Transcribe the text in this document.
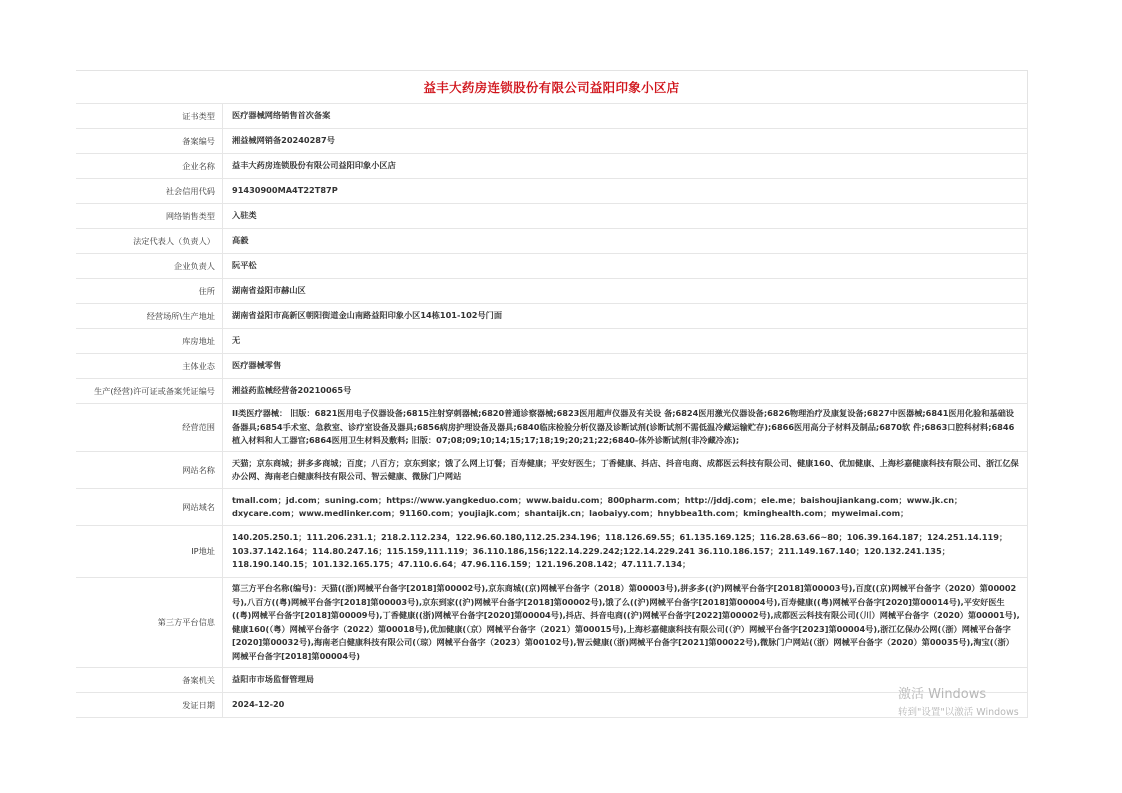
益丰大药房连锁股份有限公司益阳印象小区店
证书类型	医疗器械网络销售首次备案
备案编号	湘益械网销备20240287号
企业名称	益丰大药房连锁股份有限公司益阳印象小区店
社会信用代码	91430900MA4T22T87P
网络销售类型	入驻类
法定代表人（负责人）	高毅
企业负责人	阮平松
住所	湖南省益阳市赫山区
经营场所\生产地址	湖南省益阳市高新区朝阳街道金山南路益阳印象小区14栋101-102号门面
库房地址	无
主体业态	医疗器械零售
生产(经营)许可证或备案凭证编号	湘益药监械经营备20210065号
经营范围	II类医疗器械： 旧版：6821医用电子仪器设备;6815注射穿刺器械;6820普通诊察器械;6823医用超声仪器及有关设 备;6824医用激光仪器设备;6826物理治疗及康复设备;6827中医器械;6841医用化验和基础设备器具;6854手术室、急救室、诊疗室设备及器具;6856病房护理设备及器具;6840临床检验分析仪器及诊断试剂(诊断试剂不需低温冷藏运输贮存);6866医用高分子材料及制品;6870软 件;6863口腔科材料;6846植入材料和人工器官;6864医用卫生材料及敷料; 旧版：07;08;09;10;14;15;17;18;19;20;21;22;6840-体外诊断试剂(非冷藏冷冻);
网站名称	天猫；京东商城；拼多多商城；百度；八百方；京东到家；饿了么网上订餐；百寿健康；平安好医生；丁香健康、抖店、抖音电商、成都医云科技有限公司、健康160、优加健康、上海杉嘉健康科技有限公司、浙江亿保办公网、海南老白健康科技有限公司、智云健康、微脉门户网站
网站域名	tmall.com；jd.com；suning.com；https://www.yangkeduo.com；www.baidu.com；800pharm.com；http://jddj.com；ele.me；baishoujiankang.com；www.jk.cn；dxycare.com；www.medlinker.com；91160.com；youjiajk.com；shantaijk.cn；laobaiyy.com；hnybbea1th.com；kminghealth.com；myweimai.com；
IP地址	140.205.250.1；111.206.231.1；218.2.112.234，122.96.60.180,112.25.234.196；118.126.69.55；61.135.169.125；116.28.63.66~80；106.39.164.187；124.251.14.119；103.37.142.164；114.80.247.16；115.159,111.119；36.110.186,156;122.14.229.242;122.14.229.241 36.110.186.157；211.149.167.140；120.132.241.135；118.190.140.15；101.132.165.175；47.110.6.64；47.96.116.159；121.196.208.142；47.111.7.134；
第三方平台信息	第三方平台名称(编号)：天猫((浙)网械平台备字[2018]第00002号),京东商城((京)网械平台备字（2018）第00003号),拼多多((沪)网械平台备字[2018]第00003号),百度((京)网械平台备字（2020）第00002号),八百方((粤)网械平台备字[2018]第00003号),京东到家((沪)网械平台备字[2018]第00002号),饿了么((沪)网械平台备字[2018]第00004号),百寿健康((粤)网械平台备字[2020]第00014号),平安好医生((粤)网械平台备字[2018]第00009号),丁香健康((浙)网械平台备字[2020]第00004号),抖店、抖音电商((沪)网械平台备字[2022]第00002号),成都医云科技有限公司(（川）网械平台备字（2020）第00001号),健康160(（粤）网械平台备字（2022）第00018号),优加健康(（京）网械平台备字（2021）第00015号),上海杉嘉健康科技有限公司(（沪）网械平台备字[2023]第00004号),浙江亿保办公网(（浙）网械平台备字[2020]第00032号),海南老白健康科技有限公司(（琼）网械平台备字（2023）第00102号),智云健康(（浙)网械平台备字[2021]第00022号),微脉门户网站(（浙）网械平台备字（2020）第00035号),淘宝(（浙）网械平台备字[2018]第00004号)
备案机关	益阳市市场监督管理局
发证日期	2024-12-20
激活 Windows
转到"设置"以激活 Windows
